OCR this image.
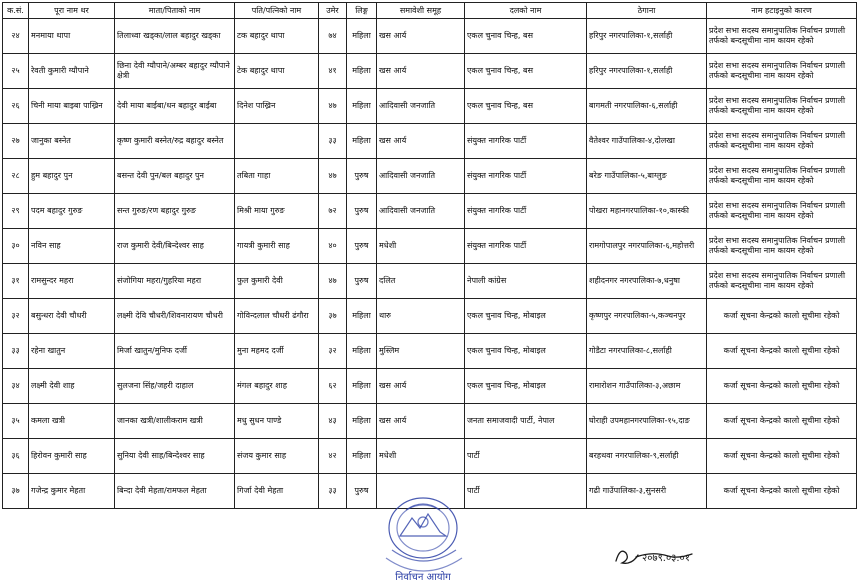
क.सं.	पूरा नाम थर	माता/पिताको नाम	पति/पत्निको नाम	उमेर	लिङ्ग	समावेशी समूह	दलको नाम	ठेगाना	नाम हटाइनुको कारण
२४	मनमाया थापा	तिलाध्वा खड्का/लाल बहादुर खड्का	टक बहादुर थापा	७४	महिला	खस आर्य	एकल चुनाव चिन्ह, बस	हरिपुर नगरपालिका-१,सर्लाही	प्रदेश सभा सदस्य समानुपातिक निर्वाचन प्रणाली तर्फको बन्दसूचीमा नाम कायम रहेको
२५	रेवती कुमारी ग्यौपाने	छिना देवी ग्यौपाने/अम्बर बहादुर ग्यौपाने क्षेत्री	टेक बहादुर थापा	४१	महिला	खस आर्य	एकल चुनाव चिन्ह, बस	हरिपुर नगरपालिका-१,सर्लाही	प्रदेश सभा सदस्य समानुपातिक निर्वाचन प्रणाली तर्फको बन्दसूचीमा नाम कायम रहेको
२६	चिनी माया बाइबा पाख्रिन	देवी माया बाईबा/धन बहादुर बाईबा	दिनेश पाख्रिन	४७	महिला	आदिवासी जनजाति	एकल चुनाव चिन्ह, बस	बागमती नगरपालिका-६,सर्लाही	प्रदेश सभा सदस्य समानुपातिक निर्वाचन प्रणाली तर्फको बन्दसूचीमा नाम कायम रहेको
२७	जानुका बस्नेत	कृष्ण कुमारी बस्नेत/रुद्र बहादुर बस्नेत		३३	महिला	खस आर्य	संयुक्त नागरिक पार्टी	वैतेश्वर गाउँपालिका-४,दोलखा	प्रदेश सभा सदस्य समानुपातिक निर्वाचन प्रणाली तर्फको बन्दसूचीमा नाम कायम रहेको
२८	हुम बहादुर पुन	बसन्त देवी पुन/बल बहादुर पुन	तबिता गाहा	४७	पुरुष	आदिवासी जनजाति	संयुक्त नागरिक पार्टी	बरेङ गाउँपालिका-५,बाग्लुङ	प्रदेश सभा सदस्य समानुपातिक निर्वाचन प्रणाली तर्फको बन्दसूचीमा नाम कायम रहेको
२९	पदम बहादुर गुरुङ	सन्त गुरुङ/रण बहादुर गुरुङ	मिश्री माया गुरुङ	७२	पुरुष	आदिवासी जनजाति	संयुक्त नागरिक पार्टी	पोखरा महानगरपालिका-१०,कास्की	प्रदेश सभा सदस्य समानुपातिक निर्वाचन प्रणाली तर्फको बन्दसूचीमा नाम कायम रहेको
३०	नविन साह	राज कुमारी देवी/बिन्देश्वर साह	गायत्री कुमारी साह	४०	पुरुष	मधेशी	संयुक्त नागरिक पार्टी	रामगोपालपुर नगरपालिका-६,महोत्तरी	प्रदेश सभा सदस्य समानुपातिक निर्वाचन प्रणाली तर्फको बन्दसूचीमा नाम कायम रहेको
३१	रामसुन्दर महरा	संजोगिया महरा/गुहरिया महरा	फुल कुमारी देवी	४७	पुरुष	दलित	नेपाली कांग्रेस	शहीदनगर नगरपालिका-७,धनुषा	प्रदेश सभा सदस्य समानुपातिक निर्वाचन प्रणाली तर्फको बन्दसूचीमा नाम कायम रहेको
३२	बसुन्धरा देवी चौधरी	लक्ष्मी देवि चौधरी/शिवनारायण चौधरी	गोविन्दलाल चौधरी ढंगौरा	३७	महिला	थारु	एकल चुनाव चिन्ह, मोबाइल	कृष्णपुर नगरपालिका-५,कञ्चनपुर	कर्जा सूचना केन्द्रको कालो सूचीमा रहेको
३३	रहेना खातुन	मिर्जा खातुन/मुनिफ दर्जी	मुना महमद दर्जी	३२	महिला	मुस्लिम	एकल चुनाव चिन्ह, मोबाइल	गोडैटा नगरपालिका-८,सर्लाही	कर्जा सूचना केन्द्रको कालो सूचीमा रहेको
३४	लक्ष्मी देवी शाह	सुलजना सिंह/जहरी दाहाल	मंगल बहादुर शाह	६२	महिला	खस आर्य	एकल चुनाव चिन्ह, मोबाइल	रामारोशन गाउँपालिका-३,अछाम	कर्जा सूचना केन्द्रको कालो सूचीमा रहेको
३५	कमला खत्री	जानका खत्री/शालीकराम खत्री	मधु सुधन पाण्डे	४३	महिला	खस आर्य	जनता समाजवादी पार्टी, नेपाल	घोराही उपमहानगरपालिका-१५,दाङ	कर्जा सूचना केन्द्रको कालो सूचीमा रहेको
३६	हिरोवन कुमारी साह	सुनिया देवी साह/बिन्देश्वर साह	संजय कुमार साह	४२	महिला	मधेशी	पार्टी	बरहथवा नगरपालिका-९,सर्लाही	कर्जा सूचना केन्द्रको कालो सूचीमा रहेको
३७	गजेन्द्र कुमार मेहता	बिन्दा देवी मेहता/रामफल मेहता	गिर्जा देवी मेहता	३३	पुरुष		पार्टी	गढी गाउँपालिका-३,सुनसरी	कर्जा सूचना केन्द्रको कालो सूचीमा रहेको
निर्वाचन आयोग
२०७९.०३.०१
